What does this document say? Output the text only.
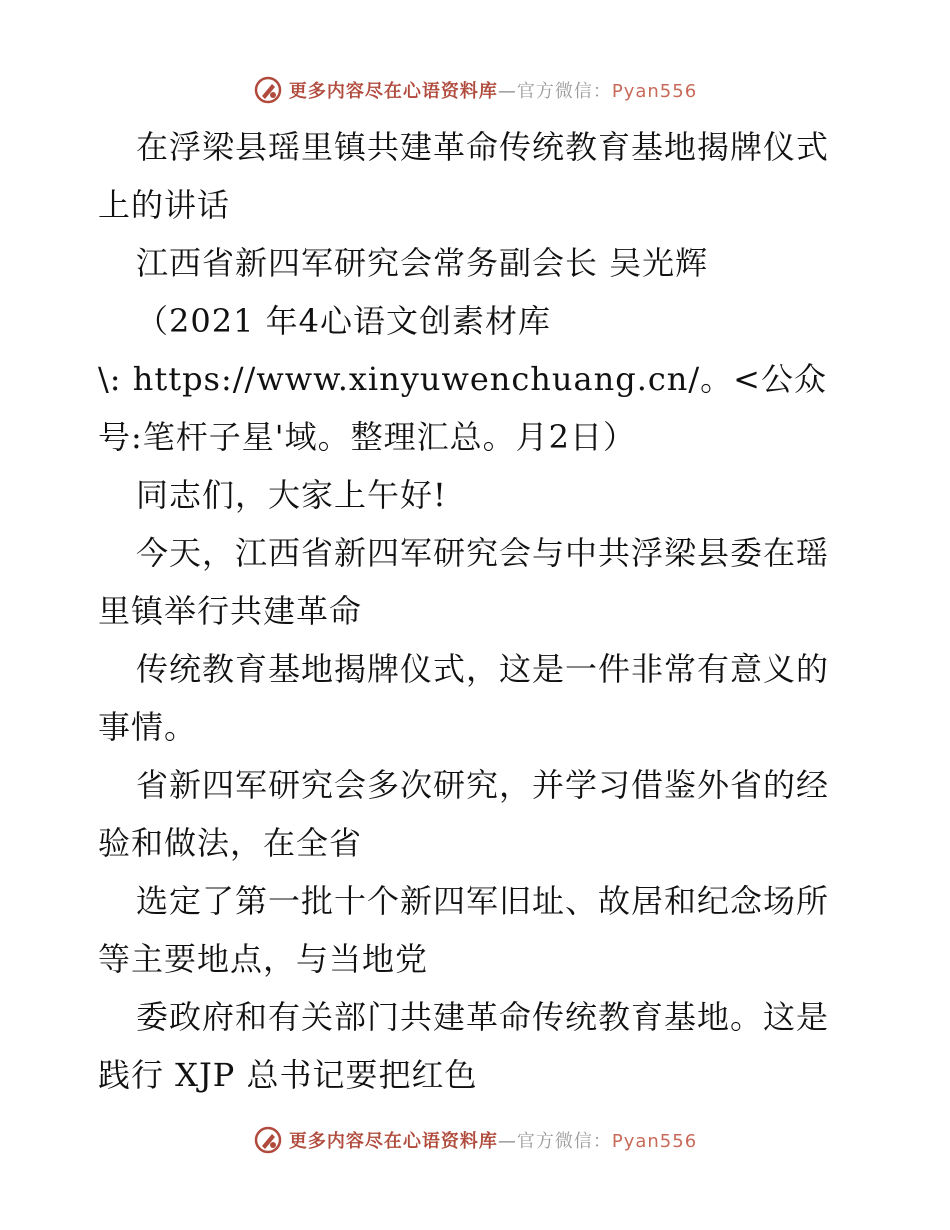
更多内容尽在心语资料库—官方微信：Pyan556

在浮梁县瑶里镇共建革命传统教育基地揭牌仪式上的讲话

江西省新四军研究会常务副会长 吴光辉

（2021 年4心语文创素材库

\: https://www.xinyuwenchuang.cn/。<公众号:笔杆子星'域。整理汇总。月2日）

同志们，大家上午好!

今天，江西省新四军研究会与中共浮梁县委在瑶里镇举行共建革命

传统教育基地揭牌仪式，这是一件非常有意义的事情。

省新四军研究会多次研究，并学习借鉴外省的经验和做法，在全省

选定了第一批十个新四军旧址、故居和纪念场所等主要地点，与当地党

委政府和有关部门共建革命传统教育基地。这是践行 XJP 总书记要把红色

更多内容尽在心语资料库—官方微信：Pyan556
